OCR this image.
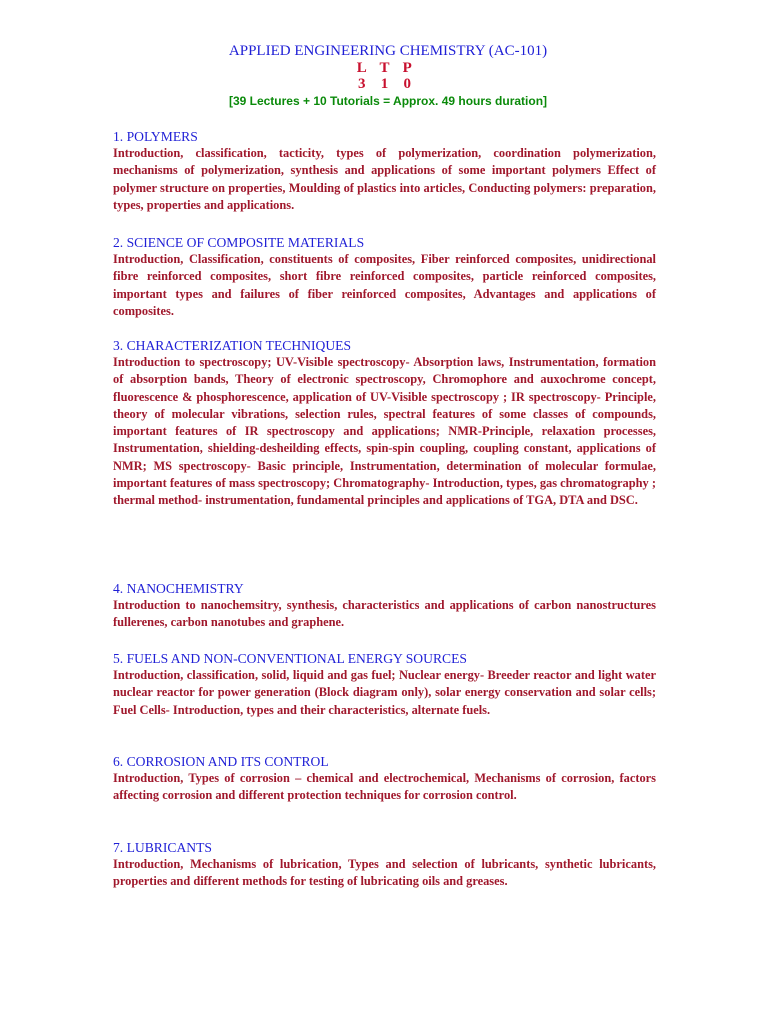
APPLIED ENGINEERING CHEMISTRY (AC-101)
L T P
3 1 0
[39 Lectures + 10 Tutorials = Approx. 49 hours duration]
1. POLYMERS
Introduction, classification, tacticity, types of polymerization, coordination polymerization, mechanisms of polymerization, synthesis and applications of some important polymers Effect of polymer structure on properties, Moulding of plastics into articles, Conducting polymers: preparation, types, properties and applications.
2. SCIENCE OF COMPOSITE MATERIALS
Introduction, Classification, constituents of composites, Fiber reinforced composites, unidirectional fibre reinforced composites, short fibre reinforced composites, particle reinforced composites, important types and failures of fiber reinforced composites, Advantages and applications of composites.
3. CHARACTERIZATION TECHNIQUES
Introduction to spectroscopy; UV-Visible spectroscopy- Absorption laws, Instrumentation, formation of absorption bands, Theory of electronic spectroscopy, Chromophore and auxochrome concept, fluorescence & phosphorescence, application of UV-Visible spectroscopy ; IR spectroscopy- Principle, theory of molecular vibrations, selection rules, spectral features of some classes of compounds, important features of IR spectroscopy and applications; NMR-Principle, relaxation processes, Instrumentation, shielding-desheilding effects, spin-spin coupling, coupling constant, applications of NMR; MS spectroscopy- Basic principle, Instrumentation, determination of molecular formulae, important features of mass spectroscopy; Chromatography- Introduction, types, gas chromatography ; thermal method- instrumentation, fundamental principles and applications of TGA, DTA and DSC.
4. NANOCHEMISTRY
Introduction to nanochemsitry, synthesis, characteristics and applications of carbon nanostructures fullerenes, carbon nanotubes and graphene.
5. FUELS AND NON-CONVENTIONAL ENERGY SOURCES
Introduction, classification, solid, liquid and gas fuel; Nuclear energy- Breeder reactor and light water nuclear reactor for power generation (Block diagram only), solar energy conservation and solar cells; Fuel Cells- Introduction, types and their characteristics, alternate fuels.
6. CORROSION AND ITS CONTROL
Introduction, Types of corrosion – chemical and electrochemical, Mechanisms of corrosion, factors affecting corrosion and different protection techniques for corrosion control.
7. LUBRICANTS
Introduction, Mechanisms of lubrication, Types and selection of lubricants, synthetic lubricants, properties and different methods for testing of lubricating oils and greases.
